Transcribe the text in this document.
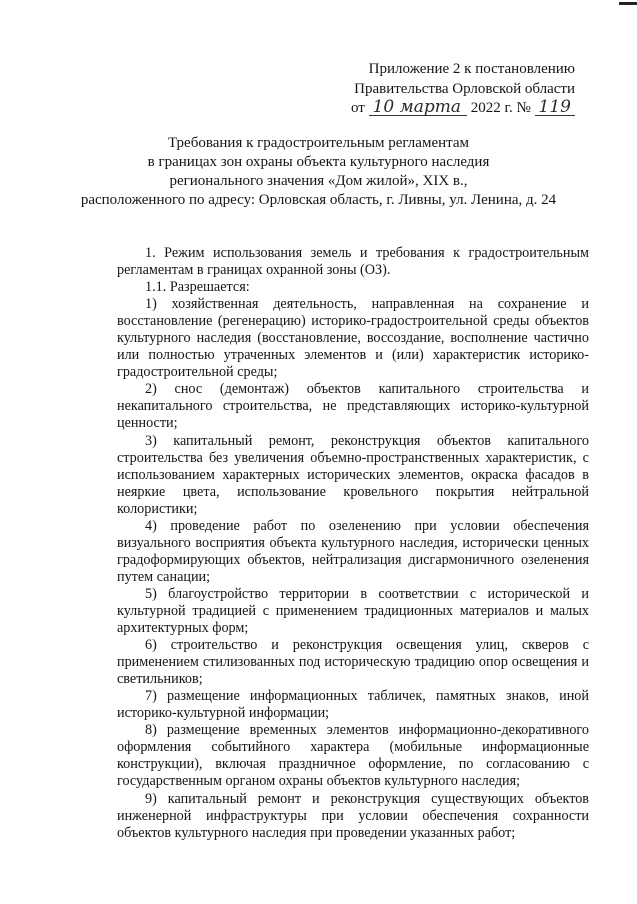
Приложение 2 к постановлению
Правительства Орловской области
от 10 марта 2022 г. № 119
Требования к градостроительным регламентам
в границах зон охраны объекта культурного наследия
регионального значения «Дом жилой», XIX в.,
расположенного по адресу: Орловская область, г. Ливны, ул. Ленина, д. 24

1. Режим использования земель и требования к градостроительным регламентам в границах охранной зоны (ОЗ).

1.1. Разрешается:

1) хозяйственная деятельность, направленная на сохранение и восстановление (регенерацию) историко-градостроительной среды объектов культурного наследия (восстановление, воссоздание, восполнение частично или полностью утраченных элементов и (или) характеристик историко-градостроительной среды;

2) снос (демонтаж) объектов капитального строительства и некапитального строительства, не представляющих историко-культурной ценности;

3) капитальный ремонт, реконструкция объектов капитального строительства без увеличения объемно-пространственных характеристик, с использованием характерных исторических элементов, окраска фасадов в неяркие цвета, использование кровельного покрытия нейтральной колористики;

4) проведение работ по озеленению при условии обеспечения визуального восприятия объекта культурного наследия, исторически ценных градоформирующих объектов, нейтрализация дисгармоничного озеленения путем санации;

5) благоустройство территории в соответствии с исторической и культурной традицией с применением традиционных материалов и малых архитектурных форм;

6) строительство и реконструкция освещения улиц, скверов с применением стилизованных под историческую традицию опор освещения и светильников;

7) размещение информационных табличек, памятных знаков, иной историко-культурной информации;

8) размещение временных элементов информационно-декоративного оформления событийного характера (мобильные информационные конструкции), включая праздничное оформление, по согласованию с государственным органом охраны объектов культурного наследия;

9) капитальный ремонт и реконструкция существующих объектов инженерной инфраструктуры при условии обеспечения сохранности объектов культурного наследия при проведении указанных работ;
